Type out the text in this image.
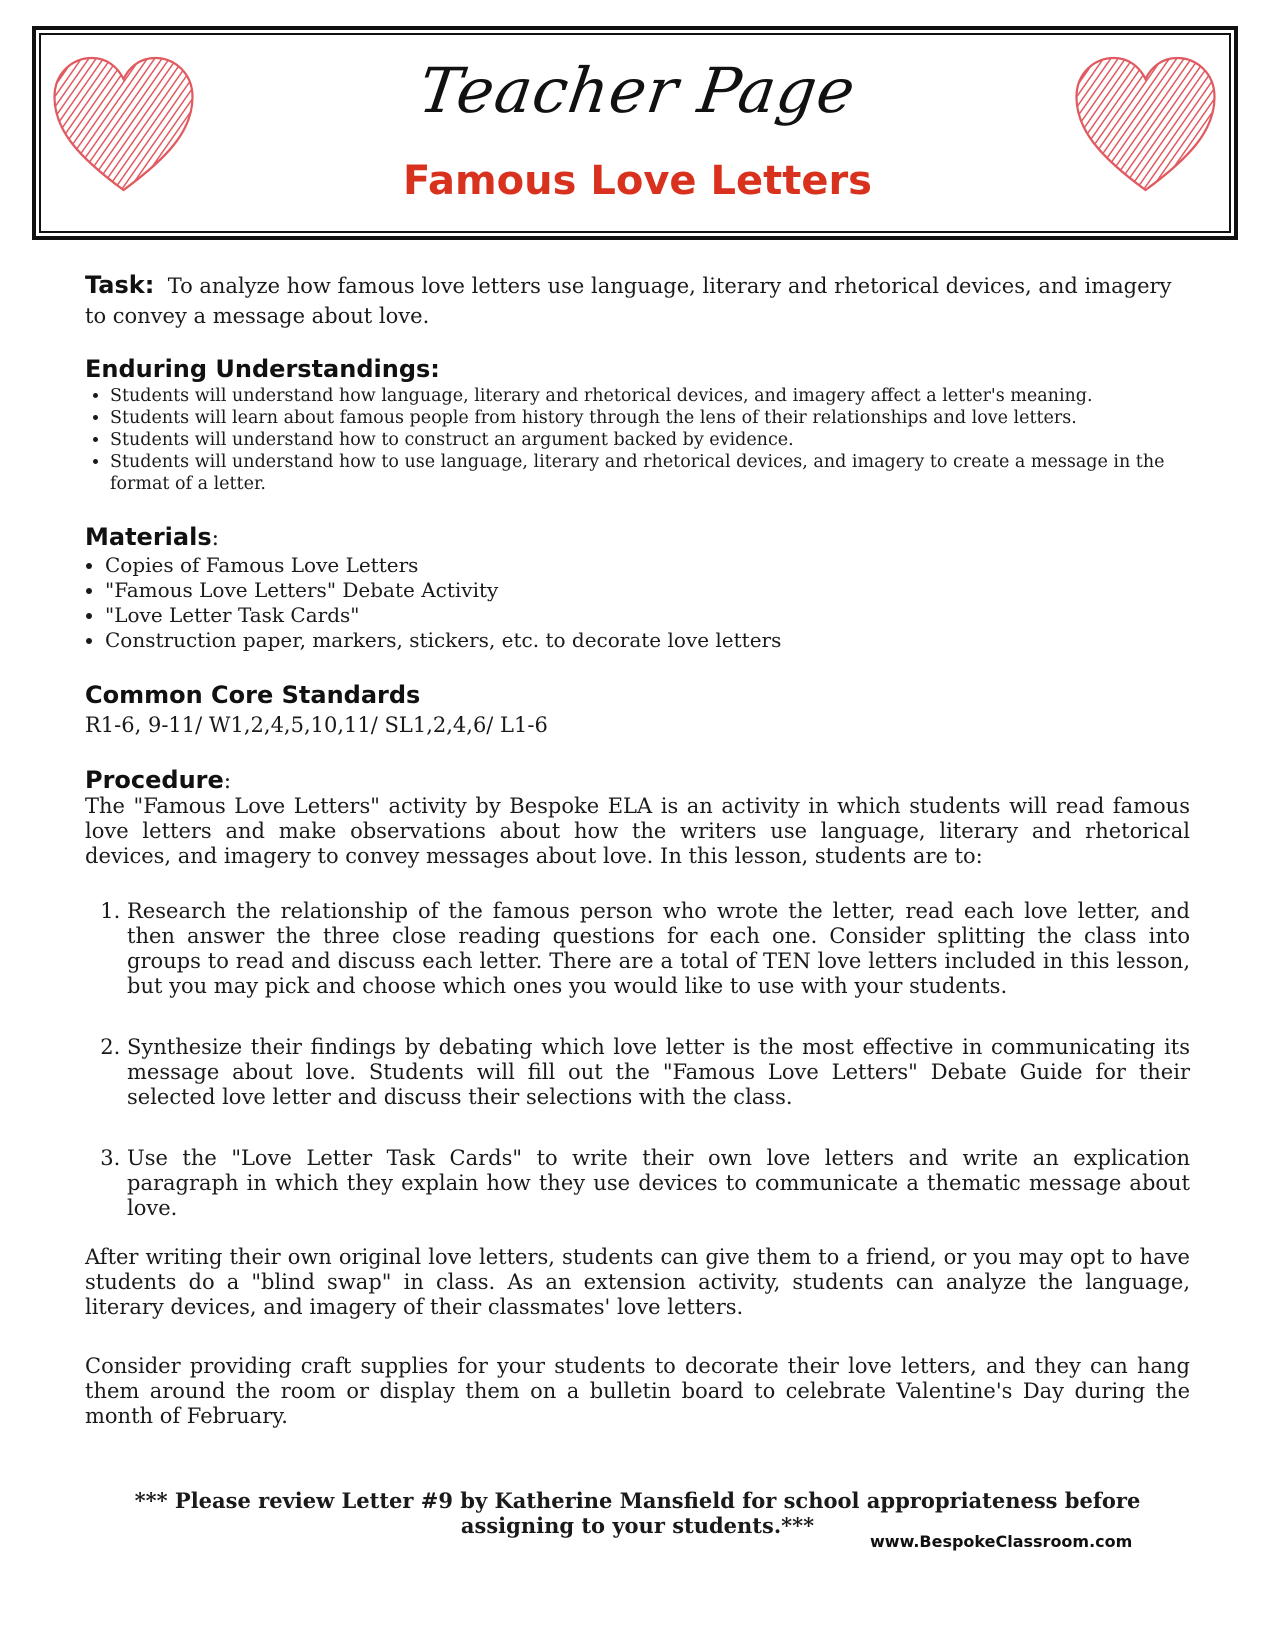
Teacher Page
Famous Love Letters

Task: To analyze how famous love letters use language, literary and rhetorical devices, and imagery to convey a message about love.

Enduring Understandings:
• Students will understand how language, literary and rhetorical devices, and imagery affect a letter's meaning.
• Students will learn about famous people from history through the lens of their relationships and love letters.
• Students will understand how to construct an argument backed by evidence.
• Students will understand how to use language, literary and rhetorical devices, and imagery to create a message in the format of a letter.
Materials:
• Copies of Famous Love Letters
• "Famous Love Letters" Debate Activity
• "Love Letter Task Cards"
• Construction paper, markers, stickers, etc. to decorate love letters
Common Core Standards

R1-6, 9-11/ W1,2,4,5,10,11/ SL1,2,4,6/ L1-6

Procedure:

The "Famous Love Letters" activity by Bespoke ELA is an activity in which students will read famous love letters and make observations about how the writers use language, literary and rhetorical devices, and imagery to convey messages about love. In this lesson, students are to:

1. Research the relationship of the famous person who wrote the letter, read each love letter, and then answer the three close reading questions for each one. Consider splitting the class into groups to read and discuss each letter. There are a total of TEN love letters included in this lesson, but you may pick and choose which ones you would like to use with your students.
2. Synthesize their findings by debating which love letter is the most effective in communicating its message about love. Students will fill out the "Famous Love Letters" Debate Guide for their selected love letter and discuss their selections with the class.
3. Use the "Love Letter Task Cards" to write their own love letters and write an explication paragraph in which they explain how they use devices to communicate a thematic message about love.

After writing their own original love letters, students can give them to a friend, or you may opt to have students do a "blind swap" in class. As an extension activity, students can analyze the language, literary devices, and imagery of their classmates' love letters.

Consider providing craft supplies for your students to decorate their love letters, and they can hang them around the room or display them on a bulletin board to celebrate Valentine's Day during the month of February.

*** Please review Letter #9 by Katherine Mansfield for school appropriateness before assigning to your students.***
www.BespokeClassroom.com
